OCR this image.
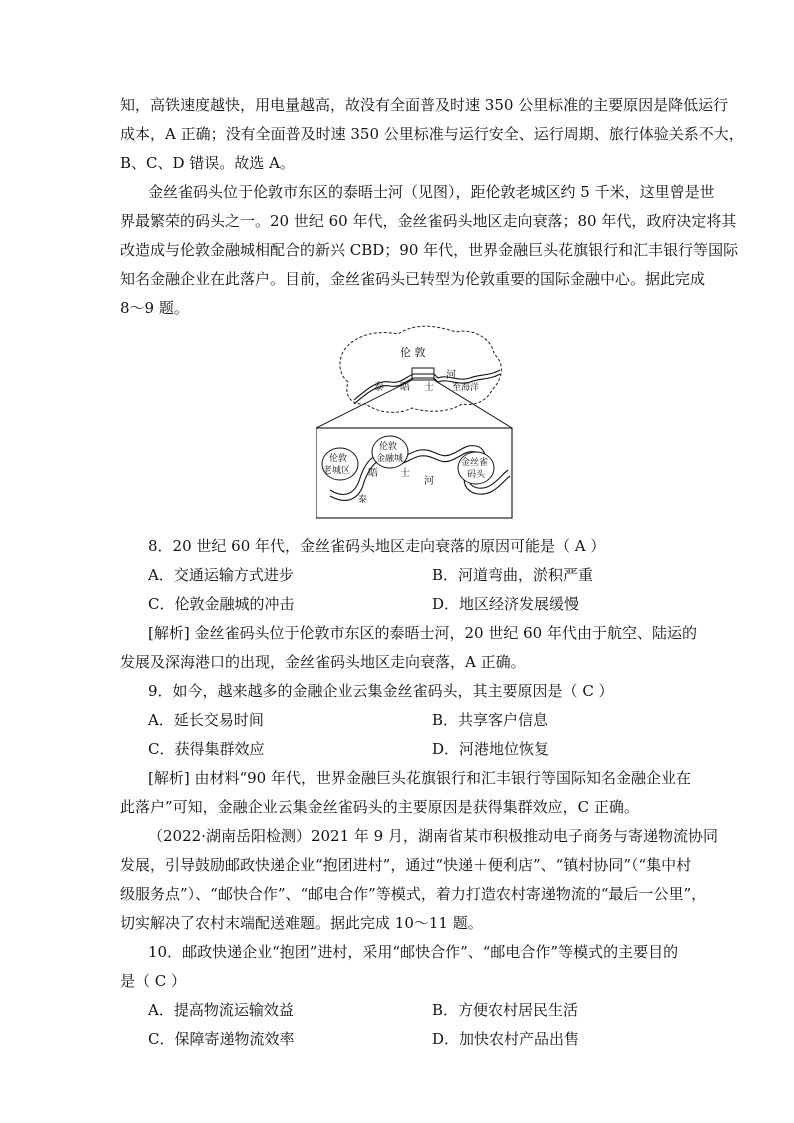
知，高铁速度越快，用电量越高，故没有全面普及时速 350 公里标准的主要原因是降低运行
成本，A 正确；没有全面普及时速 350 公里标准与运行安全、运行周期、旅行体验关系不大，
B、C、D 错误。故选 A。
金丝雀码头位于伦敦市东区的泰晤士河（见图），距伦敦老城区约 5 千米，这里曾是世
界最繁荣的码头之一。20 世纪 60 年代，金丝雀码头地区走向衰落；80 年代，政府决定将其
改造成与伦敦金融城相配合的新兴 CBD；90 年代，世界金融巨头花旗银行和汇丰银行等国际
知名金融企业在此落户。目前，金丝雀码头已转型为伦敦重要的国际金融中心。据此完成
8～9 题。
伦 敦
泰 晤 士
河
至海洋
伦敦
老城区
伦敦
金融城	金丝雀
码头
泰
晤 士
河
8．20 世纪 60 年代，金丝雀码头地区走向衰落的原因可能是（ A ）
A．交通运输方式进步	B．河道弯曲，淤积严重
C．伦敦金融城的冲击	D．地区经济发展缓慢
[解析] 金丝雀码头位于伦敦市东区的泰晤士河，20 世纪 60 年代由于航空、陆运的
发展及深海港口的出现，金丝雀码头地区走向衰落，A 正确。
9．如今，越来越多的金融企业云集金丝雀码头，其主要原因是（ C ）
A．延长交易时间	B．共享客户信息
C．获得集群效应	D．河港地位恢复
[解析] 由材料“90 年代，世界金融巨头花旗银行和汇丰银行等国际知名金融企业在
此落户”可知，金融企业云集金丝雀码头的主要原因是获得集群效应，C 正确。
（2022·湖南岳阳检测）2021 年 9 月，湖南省某市积极推动电子商务与寄递物流协同
发展，引导鼓励邮政快递企业“抱团进村”，通过“快递＋便利店”、“镇村协同”（“集中村
级服务点”）、“邮快合作”、“邮电合作”等模式，着力打造农村寄递物流的“最后一公里”，
切实解决了农村末端配送难题。据此完成 10～11 题。
10．邮政快递企业“抱团”进村，采用“邮快合作”、“邮电合作”等模式的主要目的
是（ C ）
A．提高物流运输效益	B．方便农村居民生活
C．保障寄递物流效率	D．加快农村产品出售
